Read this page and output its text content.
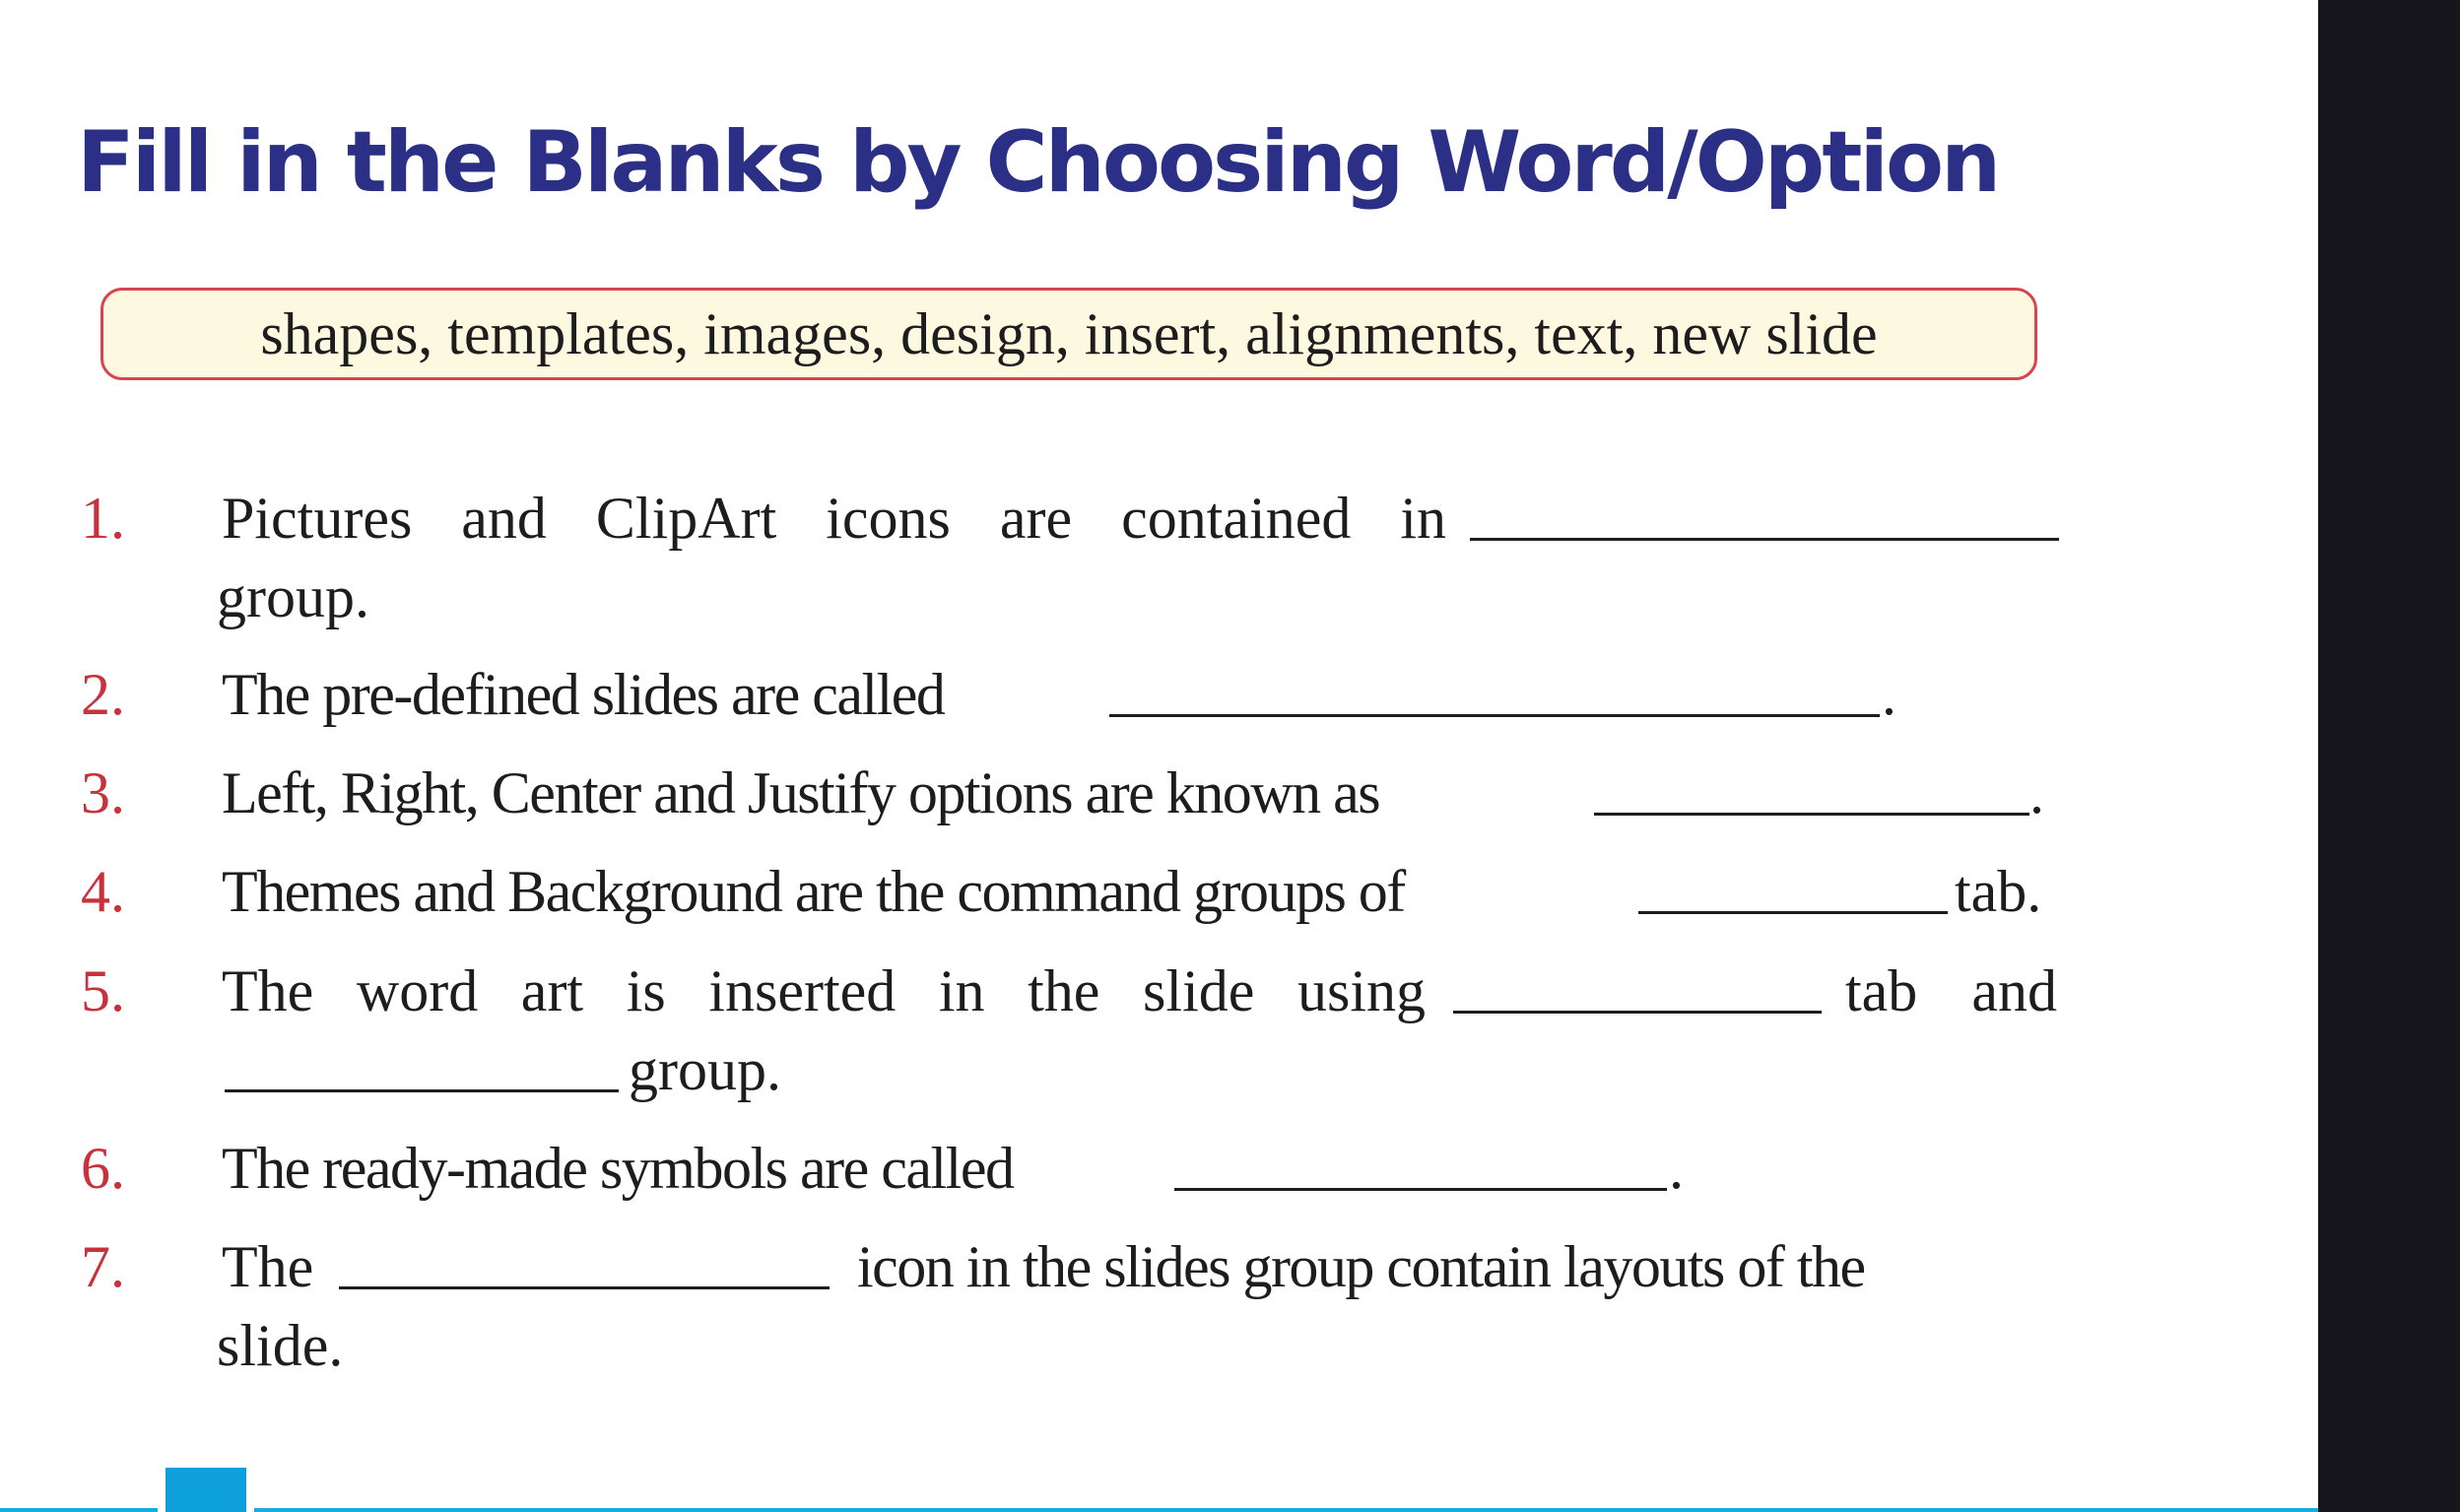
Fill in the Blanks by Choosing Word/Option
shapes, templates, images, design, insert, alignments, text, new slide
1. Pictures and ClipArt icons are contained in
group.
2. The pre-defined slides are called	.
3. Left, Right, Center and Justify options are known as	.
4. Themes and Background are the command groups of	tab.
5. The word art is inserted in the slide using	tab and
group.
6. The ready-made symbols are called	.
7. The	icon in the slides group contain layouts of the
slide.
